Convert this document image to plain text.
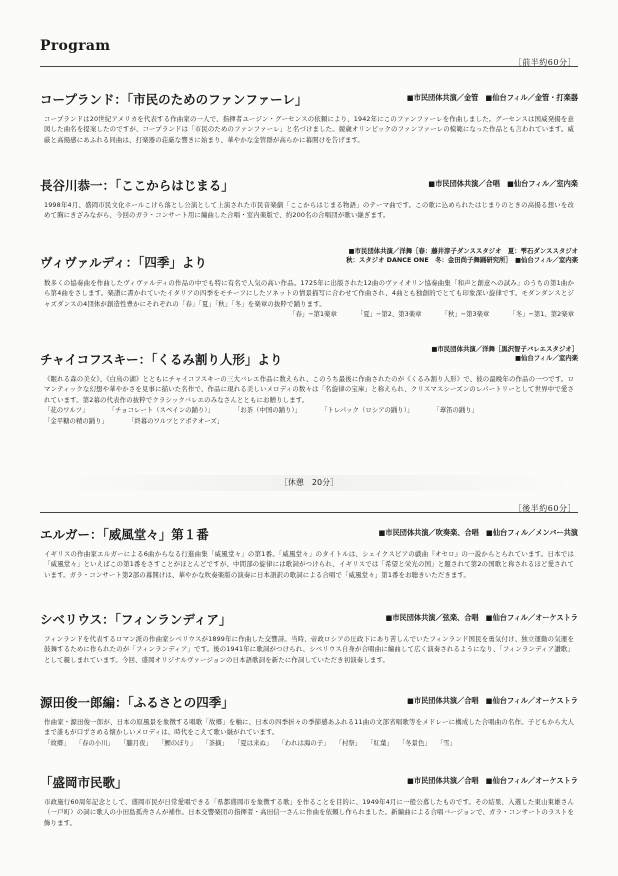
Program
［前半約60分］
コープランド：「市民のためのファンファーレ」	■市民団体共演／金管　■仙台フィル／金管・打楽器

コープランドは20世紀アメリカを代表する作曲家の一人で、指揮者ユージン・グーセンスの依頼により、1942年にこのファンファーレを作曲しました。グーセンスは国威発揚を意図した曲名を提案したのですが、コープランドは「市民のためのファンファーレ」と名づけました。競歳オリンピックのファンファーレの模範になった作品とも言われています。威厳と高揚感にあふれる同曲は、打楽器の荘厳な響きに始まり、華やかな金管群が高らかに幕開けを告げます。

長谷川恭一：「ここからはじまる」	■市民団体共演／合唱　■仙台フィル／室内楽

1998年4月、盛岡市民文化ホールこけら落とし公演として上演された市民音楽劇「ここからはじまる物語」のテーマ曲です。この歌に込められたはじまりのときの高揚る想いを改めて胸にきざみながら、今回のガラ・コンサート用に編曲した合唱・室内楽版で、約200名の合唱団が歌い継ぎます。

ヴィヴァルディ：「四季」より
■市民団体共演／洋舞［春：藤井淳子ダンススタジオ　夏：雫石ダンススタジオ
秋：スタジオ DANCE ONE　冬：金田尚子舞踊研究所］　■仙台フィル／室内楽

数多くの協奏曲を作曲したヴィヴァルディの作品の中でも特に有名で人気の高い作品。1725年に出版された12曲のヴァイオリン協奏曲集「和声と創意への試み」のうちの第1曲から第4曲をさします。楽譜に書かれていたイタリアの四季をモチーフにしたソネットの情景描写に合わせて作曲され、4曲とも独創的でとても印象深い旋律です。モダンダンスとジャズダンスの4団体が創造性豊かにそれぞれの「春」「夏」「秋」「冬」を楽章の抜粋で踊ります。

「春」−第1楽章	「夏」−第2、第3楽章	「秋」−第3楽章	「冬」−第1、第2楽章
チャイコフスキー：「くるみ割り人形」より
■市民団体共演／洋舞［黒沢智子バレエスタジオ］
■仙台フィル／室内楽

《眠れる森の美女》、《白鳥の湖》とともにチャイコフスキーの三大バレエ作品に数えられ、このうち最後に作曲されたのが《くるみ割り人形》で、彼の最晩年の作品の一つです。ロマンティックな幻想や華やかさを見事に描いた名作で、作品に現れる美しいメロディの数々は「名旋律の宝庫」と称えられ、クリスマスシーズンのレパートリーとして世界中で愛されています。第2幕の代表作の抜粋でクラシックバレエのみなさんとともにお贈りします。

「花のワルツ」	「チョコレート（スペインの踊り）」	「お茶（中国の踊り）」	「トレパック（ロシアの踊り）」	「葦笛の踊り」
「金平糖の精の踊り」	「終幕のワルツとアポテオーズ」
［休憩　20分］
［後半約60分］
エルガー：「威風堂々」第１番	■市民団体共演／吹奏楽、合唱　■仙台フィル／メンバー共演

イギリスの作曲家エルガーによる6曲からなる行進曲集「威風堂々」の第1番。「威風堂々」のタイトルは、シェイクスピアの戯曲『オセロ』の一説からとられています。日本では「威風堂々」といえばこの第1番をさすことがほとんどですが、中間部の旋律には歌詞がつけられ、イギリスでは「希望と栄光の国」と題されて第2の国歌と称されるほど愛されています。ガラ・コンサート第2部の幕開けは、華やかな吹奏楽版の演奏に日本語訳の歌詞による合唱で「威風堂々」第1番をお聴きいただきます。

シベリウス：「フィンランディア」	■市民団体共演／弦楽、合唱　■仙台フィル／オーケストラ

フィンランドを代表するロマン派の作曲家シベリウスが1899年に作曲した交響詩。当時、帝政ロシアの圧政下にあり苦しんでいたフィンランド国民を勇気付け、独立運動の気運を鼓舞するために作られたのが「フィンランディア」です。後の1941年に歌詞がつけられ、シベリウス自身が合唱曲に編曲して広く演奏されるようになり、「フィンランディア讃歌」として親しまれています。今回、盛岡オリジナルヴァージョンの日本語歌詞を新たに作詞していただき初演奏します。

源田俊一郎編：「ふるさとの四季」	■市民団体共演／合唱　■仙台フィル／オーケストラ

作曲家・源田俊一郎が、日本の原風景を象徴する唱歌「故郷」を軸に、日本の四季折々の季節感あふれる11曲の文部省唱歌等をメドレーに構成した合唱曲の名作。子どもから大人まで誰もが口ずさめる懐かしいメロディは、時代をこえて歌い継がれています。

「故郷」 「春の小川」 「朧月夜」 「鯉のぼり」 「茶摘」 「夏は来ぬ」 「われは海の子」 「村祭」 「紅葉」 「冬景色」 「雪」
「盛岡市民歌」	■市民団体共演／合唱　■仙台フィル／オーケストラ

市政施行60周年記念として、盛岡市民が日常愛唱できる「県都盛岡市を象徴する歌」を作ることを目的に、1949年4月に一般公募したものです。その結果、入選した東山東雄さん（一戸町）の詞に歌人の小田島孤舟さんが補作。日本交響楽団の指揮者・高田信一さんに作曲を依頼し作られました。新編曲による合唱バージョンで、ガラ・コンサートのラストを飾ります。
